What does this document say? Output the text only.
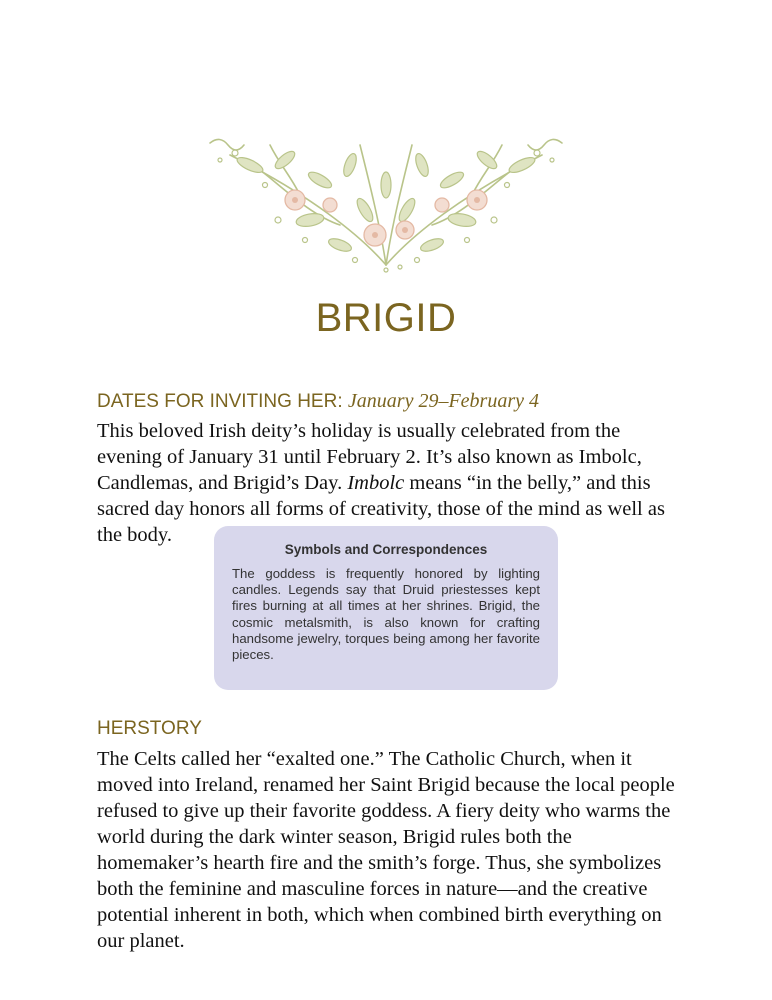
BRIGID
DATES FOR INVITING HER: January 29–February 4

This beloved Irish deity’s holiday is usually celebrated from the evening of January 31 until February 2. It’s also known as Imbolc, Candlemas, and Brigid’s Day. Imbolc means “in the belly,” and this sacred day honors all forms of creativity, those of the mind as well as the body.

Symbols and Correspondences

The goddess is frequently honored by lighting candles. Legends say that Druid priestesses kept fires burning at all times at her shrines. Brigid, the cosmic metalsmith, is also known for crafting handsome jewelry, torques being among her favorite pieces.

HERSTORY

The Celts called her “exalted one.” The Catholic Church, when it moved into Ireland, renamed her Saint Brigid because the local people refused to give up their favorite goddess. A fiery deity who warms the world during the dark winter season, Brigid rules both the homemaker’s hearth fire and the smith’s forge. Thus, she symbolizes both the feminine and masculine forces in nature—and the creative potential inherent in both, which when combined birth everything on our planet.
